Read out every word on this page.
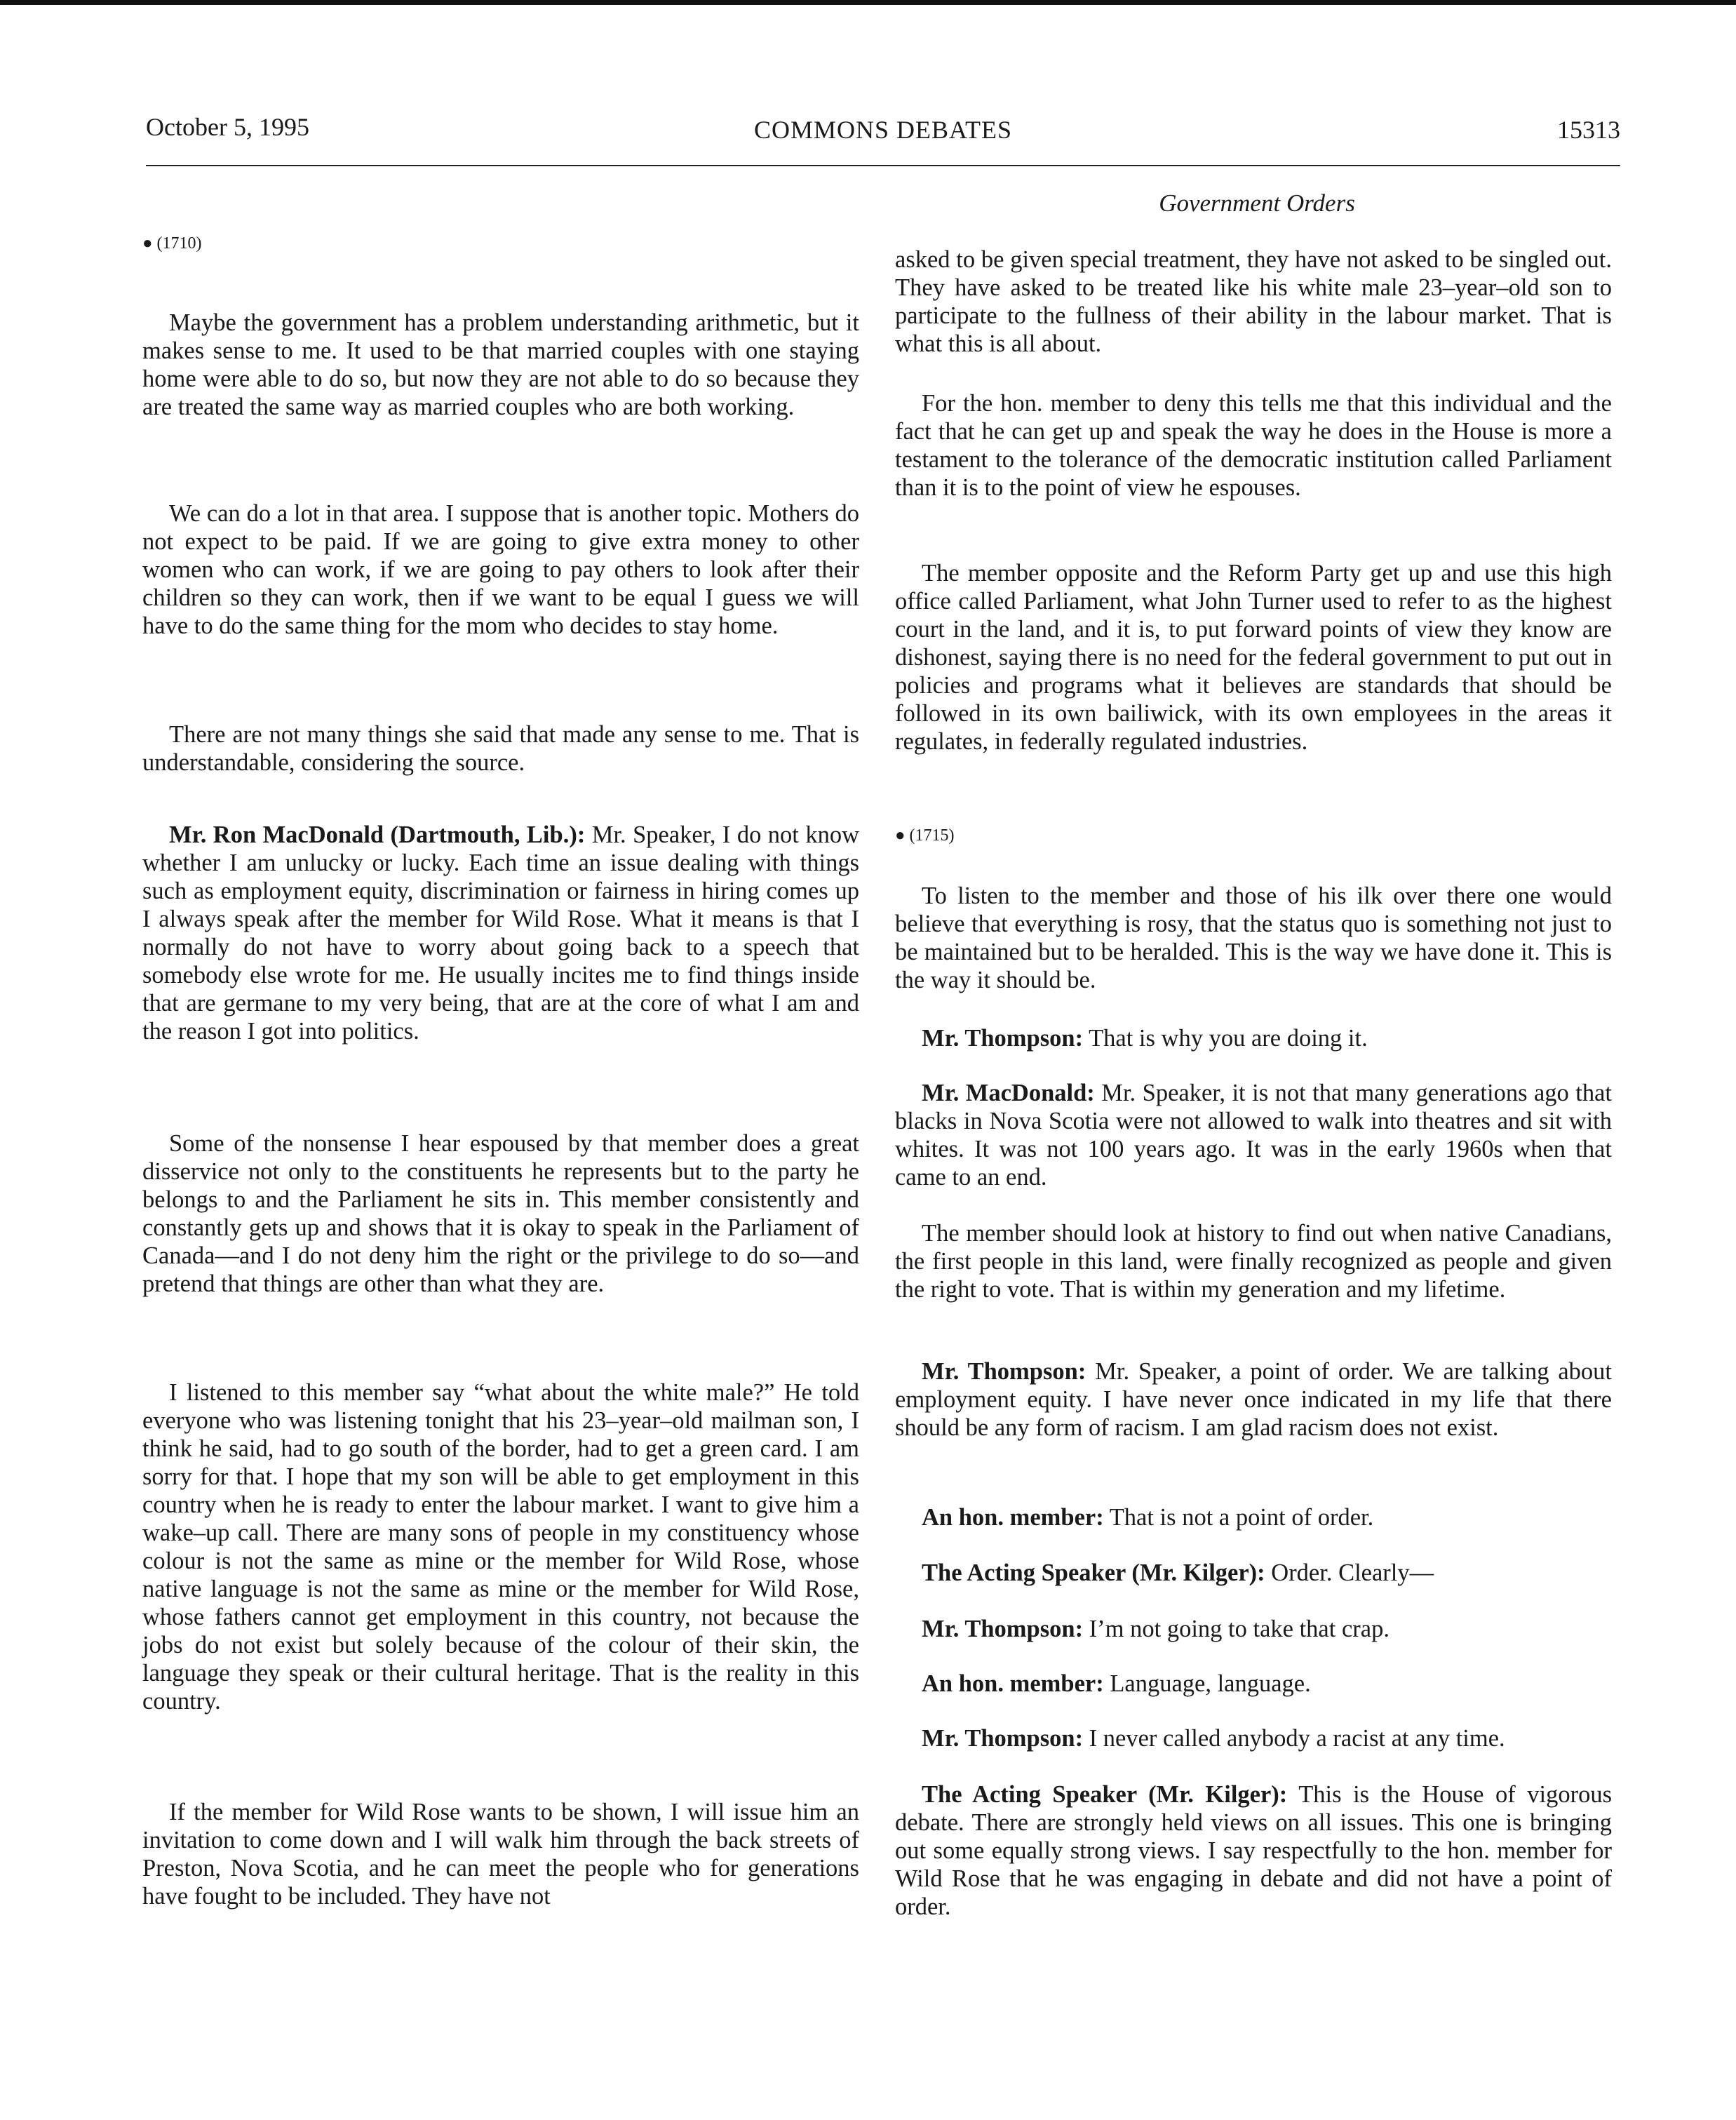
October 5, 1995	COMMONS DEBATES	15313
Government Orders
● (1710)

Maybe the government has a problem understanding arithmetic, but it makes sense to me. It used to be that married couples with one staying home were able to do so, but now they are not able to do so because they are treated the same way as married couples who are both working.

We can do a lot in that area. I suppose that is another topic. Mothers do not expect to be paid. If we are going to give extra money to other women who can work, if we are going to pay others to look after their children so they can work, then if we want to be equal I guess we will have to do the same thing for the mom who decides to stay home.

There are not many things she said that made any sense to me. That is understandable, considering the source.

Mr. Ron MacDonald (Dartmouth, Lib.): Mr. Speaker, I do not know whether I am unlucky or lucky. Each time an issue dealing with things such as employment equity, discrimination or fairness in hiring comes up I always speak after the member for Wild Rose. What it means is that I normally do not have to worry about going back to a speech that somebody else wrote for me. He usually incites me to find things inside that are germane to my very being, that are at the core of what I am and the reason I got into politics.

Some of the nonsense I hear espoused by that member does a great disservice not only to the constituents he represents but to the party he belongs to and the Parliament he sits in. This member consistently and constantly gets up and shows that it is okay to speak in the Parliament of Canada—and I do not deny him the right or the privilege to do so—and pretend that things are other than what they are.

I listened to this member say “what about the white male?” He told everyone who was listening tonight that his 23–year–old mailman son, I think he said, had to go south of the border, had to get a green card. I am sorry for that. I hope that my son will be able to get employment in this country when he is ready to enter the labour market. I want to give him a wake–up call. There are many sons of people in my constituency whose colour is not the same as mine or the member for Wild Rose, whose native language is not the same as mine or the member for Wild Rose, whose fathers cannot get employment in this country, not because the jobs do not exist but solely because of the colour of their skin, the language they speak or their cultural heritage. That is the reality in this country.

If the member for Wild Rose wants to be shown, I will issue him an invitation to come down and I will walk him through the back streets of Preston, Nova Scotia, and he can meet the people who for generations have fought to be included. They have not

asked to be given special treatment, they have not asked to be singled out. They have asked to be treated like his white male 23–year–old son to participate to the fullness of their ability in the labour market. That is what this is all about.

For the hon. member to deny this tells me that this individual and the fact that he can get up and speak the way he does in the House is more a testament to the tolerance of the democratic institution called Parliament than it is to the point of view he espouses.

The member opposite and the Reform Party get up and use this high office called Parliament, what John Turner used to refer to as the highest court in the land, and it is, to put forward points of view they know are dishonest, saying there is no need for the federal government to put out in policies and programs what it believes are standards that should be followed in its own bailiwick, with its own employees in the areas it regulates, in federally regulated industries.

● (1715)

To listen to the member and those of his ilk over there one would believe that everything is rosy, that the status quo is something not just to be maintained but to be heralded. This is the way we have done it. This is the way it should be.

Mr. Thompson: That is why you are doing it.

Mr. MacDonald: Mr. Speaker, it is not that many generations ago that blacks in Nova Scotia were not allowed to walk into theatres and sit with whites. It was not 100 years ago. It was in the early 1960s when that came to an end.

The member should look at history to find out when native Canadians, the first people in this land, were finally recognized as people and given the right to vote. That is within my generation and my lifetime.

Mr. Thompson: Mr. Speaker, a point of order. We are talking about employment equity. I have never once indicated in my life that there should be any form of racism. I am glad racism does not exist.

An hon. member: That is not a point of order.

The Acting Speaker (Mr. Kilger): Order. Clearly—

Mr. Thompson: I’m not going to take that crap.

An hon. member: Language, language.

Mr. Thompson: I never called anybody a racist at any time.

The Acting Speaker (Mr. Kilger): This is the House of vigorous debate. There are strongly held views on all issues. This one is bringing out some equally strong views. I say respectfully to the hon. member for Wild Rose that he was engaging in debate and did not have a point of order.
